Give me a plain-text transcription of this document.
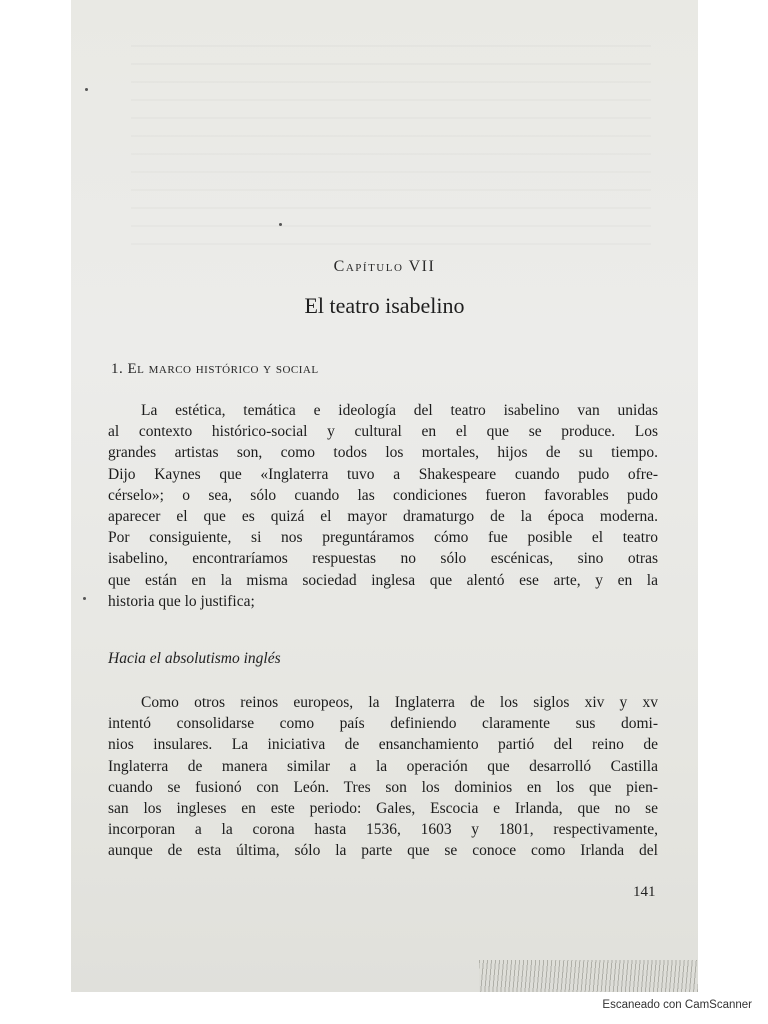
Capítulo VII
El teatro isabelino
1. El marco histórico y social

La estética, temática e ideología del teatro isabelino van unidas

al contexto histórico-social y cultural en el que se produce. Los

grandes artistas son, como todos los mortales, hijos de su tiempo.

Dijo Kaynes que «Inglaterra tuvo a Shakespeare cuando pudo ofre-

cérselo»; o sea, sólo cuando las condiciones fueron favorables pudo

aparecer el que es quizá el mayor dramaturgo de la época moderna.

Por consiguiente, si nos preguntáramos cómo fue posible el teatro

isabelino, encontraríamos respuestas no sólo escénicas, sino otras

que están en la misma sociedad inglesa que alentó ese arte, y en la

historia que lo justifica;

Hacia el absolutismo inglés

Como otros reinos europeos, la Inglaterra de los siglos xiv y xv

intentó consolidarse como país definiendo claramente sus domi-

nios insulares. La iniciativa de ensanchamiento partió del reino de

Inglaterra de manera similar a la operación que desarrolló Castilla

cuando se fusionó con León. Tres son los dominios en los que pien-

san los ingleses en este periodo: Gales, Escocia e Irlanda, que no se

incorporan a la corona hasta 1536, 1603 y 1801, respectivamente,

aunque de esta última, sólo la parte que se conoce como Irlanda del

141
Escaneado con CamScanner
